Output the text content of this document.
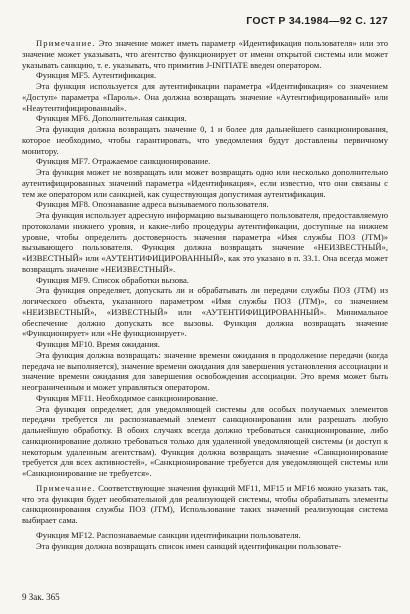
ГОСТ Р 34.1984—92 С. 127

Примечание. Это значение может иметь параметр «Идентификация пользователя» или это значение может указывать, что агентство функционирует от имени открытой системы или может указывать санкцию, т. е. указывать, что примитив J-INITIATE введен оператором.

Функция MF5. Аутентификация.

Эта функция используется для аутентификации параметра «Идентификация» со значением «Доступ» параметра «Пароль». Она должна возвращать значение «Аутентифицированный» или «Неаутентифицированный».

Функция MF6. Дополнительная санкция.

Эта функция должна возвращать значение 0, 1 и более для дальнейшего санкционирования, которое необходимо, чтобы гарантировать, что уведомления будут доставлены первичному монитору.

Функция MF7. Отражаемое санкционирование.

Эта функция может не возвращать или может возвращать одно или несколько дополнительно аутентифицированных значений параметра «Идентификация», если известно, что они связаны с тем же оператором или санкцией, как существующая допустимая аутентификация.

Функция MF8. Опознавание адреса вызываемого пользователя.

Эта функция использует адресную информацию вызывающего пользователя, предоставляемую протоколами нижнего уровня, и какие-либо процедуры аутентификации, доступные на нижнем уровне, чтобы определить достоверность значения параметра «Имя службы ПОЗ (JTM)» вызывающего пользователя. Функция должна возвращать значение «НЕИЗВЕСТНЫЙ», «ИЗВЕСТНЫЙ» или «АУТЕНТИФИЦИРОВАННЫЙ», как это указано в п. 33.1. Она всегда может возвращать значение «НЕИЗВЕСТНЫЙ».

Функция MF9. Список обработки вызова.

Эта функция определяет, допускать ли и обрабатывать ли передачи службы ПОЗ (JTM) из логического объекта, указанного параметром «Имя службы ПОЗ (JTM)», со значением «НЕИЗВЕСТНЫЙ», «ИЗВЕСТНЫЙ» или «АУТЕНТИФИЦИРОВАННЫЙ». Минимальное обеспечение должно допускать все вызовы. Функция должна возвращать значение «Функционирует» или «Не функционирует».

Функция MF10. Время ожидания.

Эта функция должна возвращать: значение времени ожидания в продолжение передачи (когда передача не выполняется), значение времени ожидания для завершения установления ассоциации и значение времени ожидания для завершения освобождения ассоциации. Это время может быть неограниченным и может управляться оператором.

Функция MF11. Необходимое санкционирование.

Эта функция определяет, для уведомляющей системы для особых получаемых элементов передачи требуется ли распознаваемый элемент санкционирования или разрешать любую дальнейшую обработку. В обоих случаях всегда должно требоваться санкционирование, либо санкционирование должно требоваться только для удаленной уведомляющей системы (и доступ к некоторым удаленным агентствам). Функция должна возвращать значение «Санкционирование требуется для всех активностей», «Санкционирование требуется для уведомляющей системы или «Санкционирование не требуется».

Примечание. Соответствующие значения функций MF11, MF15 и MF16 можно указать так, что эта функция будет необязательной для реализующей системы, чтобы обрабатывать элементы санкционирования службы ПОЗ (JTM), Использование таких значений реализующая система выбирает сама.

Функция MF12. Распознаваемые санкции идентификации пользователя.

Эта функция должна возвращать список имен санкций идентификации пользовате-

9 Зак. 365
